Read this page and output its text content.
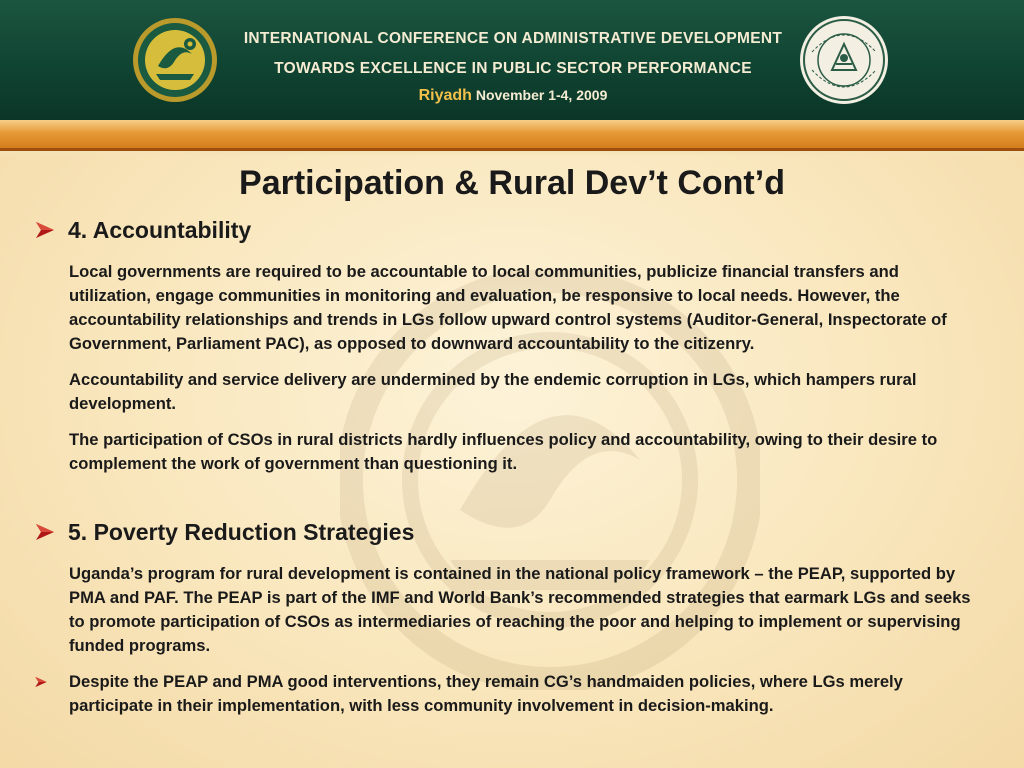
INTERNATIONAL CONFERENCE ON ADMINISTRATIVE DEVELOPMENT
TOWARDS EXCELLENCE IN PUBLIC SECTOR PERFORMANCE
Riyadh November 1-4, 2009
Participation & Rural Dev’t Cont’d
4. Accountability
Local governments are required to be accountable to local communities, publicize financial transfers and utilization, engage communities in monitoring and evaluation, be responsive to local needs. However, the accountability relationships and trends in LGs follow upward control systems (Auditor-General, Inspectorate of Government, Parliament PAC), as opposed to downward accountability to the citizenry.
Accountability and service delivery are undermined by the endemic corruption in LGs, which hampers rural development.
The participation of CSOs in rural districts hardly influences policy and accountability, owing to their desire to complement the work of government than questioning it.
5. Poverty Reduction Strategies
Uganda’s program for rural development is contained in the national policy framework – the PEAP, supported by PMA and PAF. The PEAP is part of the IMF and World Bank’s recommended strategies that earmark LGs and seeks to promote participation of CSOs as intermediaries of reaching the poor and helping to implement or supervising funded programs.
Despite the PEAP and PMA good interventions, they remain CG’s handmaiden policies, where LGs merely participate in their implementation, with less community involvement in decision-making.
